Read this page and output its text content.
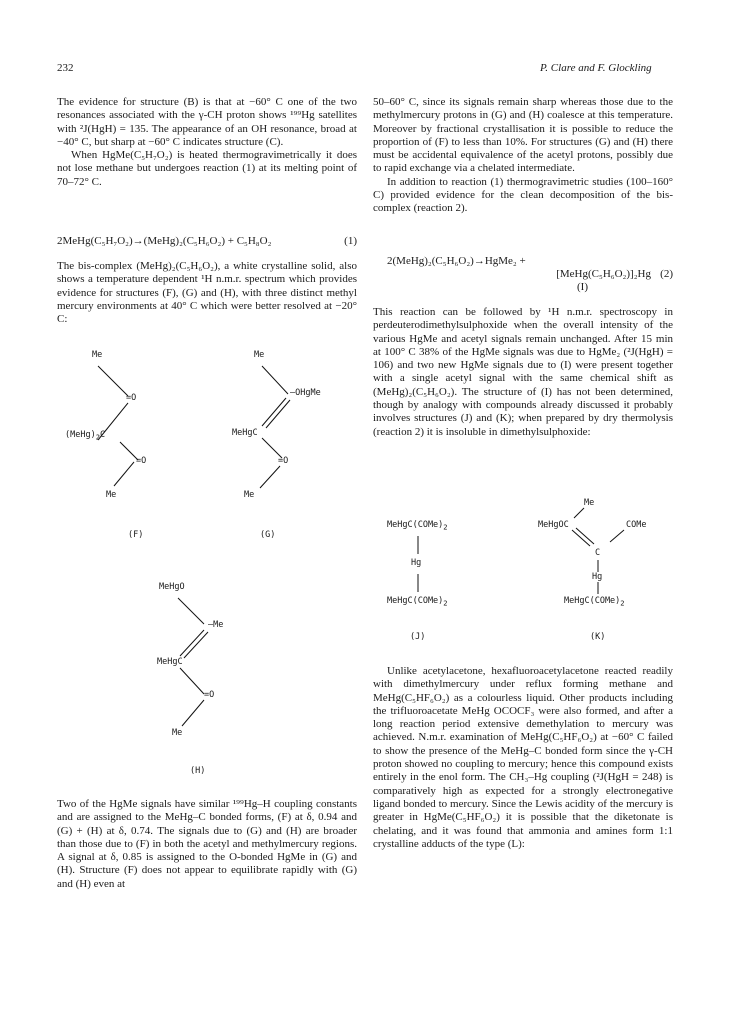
232	P. Clare and F. Glockling

The evidence for structure (B) is that at −60° C one of the two resonances associated with the γ-CH proton shows ¹⁹⁹Hg satellites with ²J(HgH) = 135. The appearance of an OH resonance, broad at −40° C, but sharp at −60° C indicates structure (C).

When HgMe(C₅H₇O₂) is heated thermogravimetrically it does not lose methane but undergoes reaction (1) at its melting point of 70–72° C.

2MeHg(C₅H₇O₂)→(MeHg)₂(C₅H₆O₂) + C₅H₈O₂	(1)

The bis-complex (MeHg)₂(C₅H₆O₂), a white crystalline solid, also shows a temperature dependent ¹H n.m.r. spectrum which provides evidence for structures (F), (G) and (H), with three distinct methyl mercury environments at 40° C which were better resolved at −20° C:

Me
=O
$(MeHg)_2C$
=O
Me
(F)
Me
—OHgMe
MeHgC
=O
Me
(G)
MeHgO
—Me
MeHgC
=O
Me
(H)

Two of the HgMe signals have similar ¹⁹⁹Hg–H coupling constants and are assigned to the MeHg–C bonded forms, (F) at δ, 0.94 and (G) + (H) at δ, 0.74. The signals due to (G) and (H) are broader than those due to (F) in both the acetyl and methylmercury regions. A signal at δ, 0.85 is assigned to the O-bonded HgMe in (G) and (H). Structure (F) does not appear to equilibrate rapidly with (G) and (H) even at

50–60° C, since its signals remain sharp whereas those due to the methylmercury protons in (G) and (H) coalesce at this temperature. Moreover by fractional crystallisation it is possible to reduce the proportion of (F) to less than 10%. For structures (G) and (H) there must be accidental equivalence of the acetyl protons, possibly due to rapid exchange via a chelated intermediate.

In addition to reaction (1) thermogravimetric studies (100–160° C) provided evidence for the clean decomposition of the bis-complex (reaction 2).

2(MeHg)₂(C₅H₆O₂)→HgMe₂ +
[MeHg(C₅H₆O₂)]₂Hg (2)
(I)

This reaction can be followed by ¹H n.m.r. spectroscopy in perdeuterodimethylsulphoxide when the overall intensity of the various HgMe and acetyl signals remain unchanged. After 15 min at 100° C 38% of the HgMe signals was due to HgMe₂ (²J(HgH) = 106) and two new HgMe signals due to (I) were present together with a single acetyl signal with the same chemical shift as (MeHg)₂(C₅H₆O₂). The structure of (I) has not been determined, though by analogy with compounds already discussed it probably involves structures (J) and (K); when prepared by dry thermolysis (reaction 2) it is insoluble in dimethylsulphoxide:

$MeHgC(COMe)_2$
Hg
$MeHgC(COMe)_2$
(J)
Me
MeHgOC	COMe
C
Hg
$MeHgC(COMe)_2$
(K)

Unlike acetylacetone, hexafluoroacetylacetone reacted readily with dimethylmercury under reflux forming methane and MeHg(C₅HF₆O₂) as a colourless liquid. Other products including the trifluoroacetate MeHg OCOCF₃ were also formed, and after a long reaction period extensive demethylation to mercury was achieved. N.m.r. examination of MeHg(C₅HF₆O₂) at −60° C failed to show the presence of the MeHg–C bonded form since the γ-CH proton showed no coupling to mercury; hence this compound exists entirely in the enol form. The CH₃–Hg coupling (²J(HgH = 248) is comparatively high as expected for a strongly electronegative ligand bonded to mercury. Since the Lewis acidity of the mercury is greater in HgMe(C₅HF₆O₂) it is possible that the diketonate is chelating, and it was found that ammonia and amines form 1:1 crystalline adducts of the type (L):
